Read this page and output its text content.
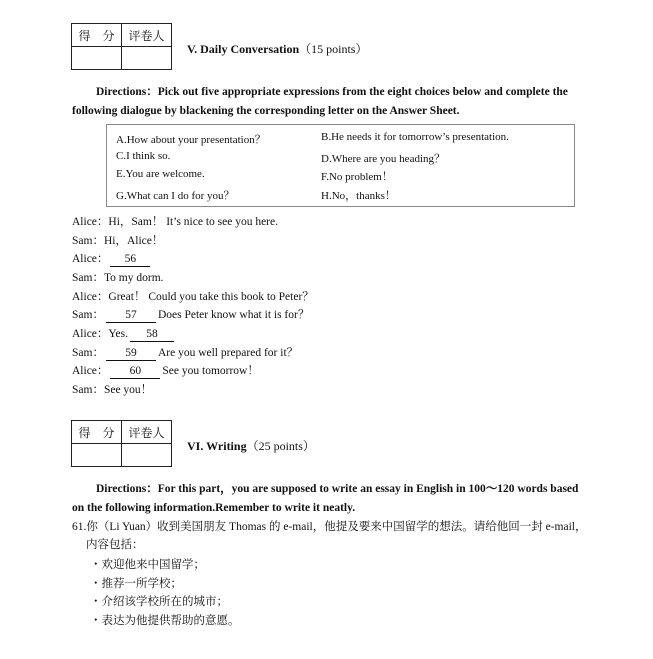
得　分	评卷人

V. Daily Conversation（15 points）
Directions：Pick out five appropriate expressions from the eight choices below and complete the following dialogue by blackening the corresponding letter on the Answer Sheet.
A.How about your presentation？	B.He needs it for tomorrow’s presentation.
C.I think so.	D.Where are you heading？
E.You are welcome.	F.No problem！
G.What can I do for you？	H.No，thanks！
Alice：Hi，Sam！ It’s nice to see you here.
Sam：Hi，Alice！
Alice： 56
Sam：To my dorm.
Alice：Great！ Could you take this book to Peter？
Sam： 57 Does Peter know what it is for？
Alice：Yes. 58
Sam： 59 Are you well prepared for it？
Alice： 60 See you tomorrow！
Sam：See you！
得　分	评卷人

VI. Writing（25 points）
Directions：For this part，you are supposed to write an essay in English in 100～120 words based on the following information.Remember to write it neatly.
61.你（Li Yuan）收到美国朋友 Thomas 的 e-mail，他提及要来中国留学的想法。请给他回一封 e-mail，内容包括：
・欢迎他来中国留学；
・推荐一所学校；
・介绍该学校所在的城市；
・表达为他提供帮助的意愿。
